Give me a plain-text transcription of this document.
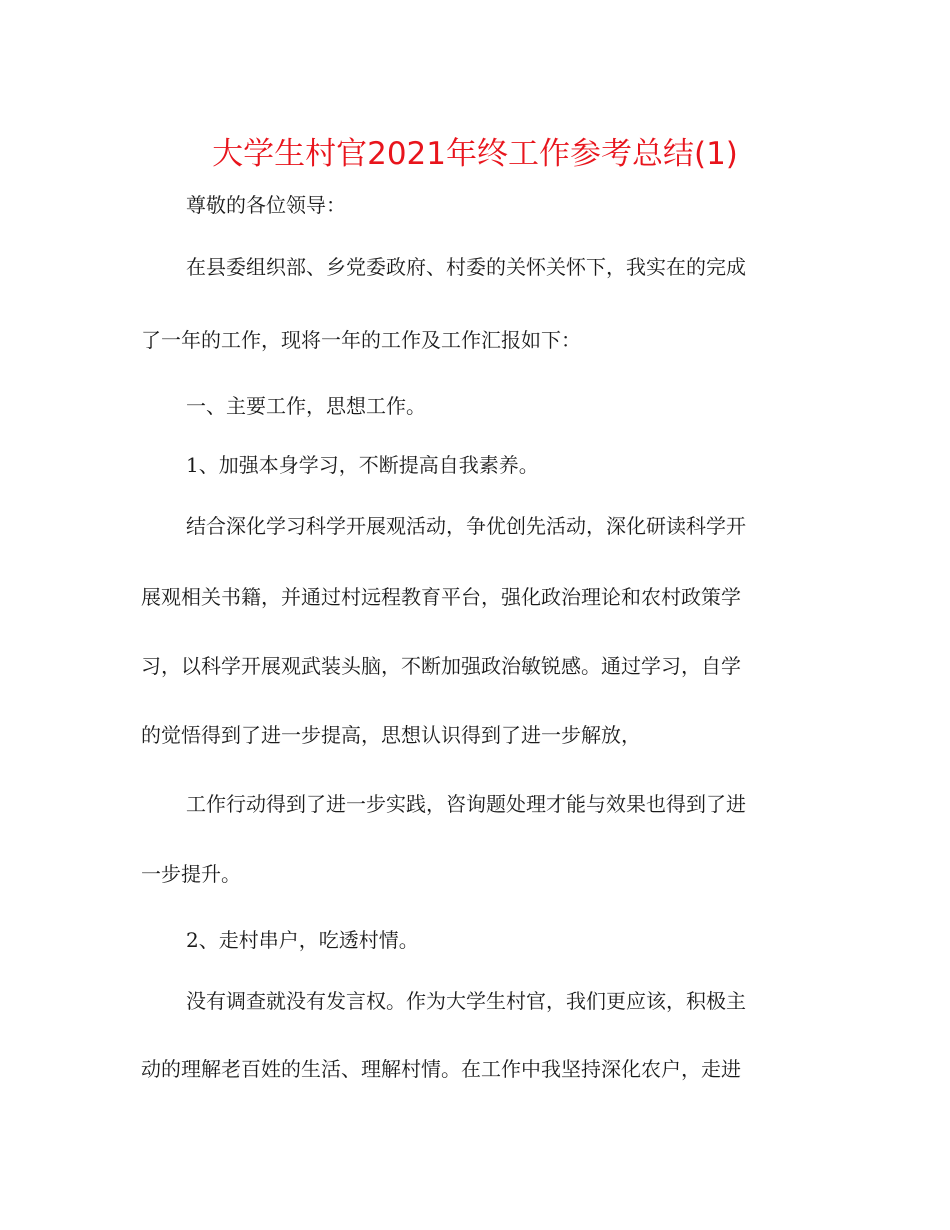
大学生村官2021年终工作参考总结(1)
尊敬的各位领导：
在县委组织部、乡党委政府、村委的关怀关怀下，我实在的完成
了一年的工作，现将一年的工作及工作汇报如下：
一、主要工作，思想工作。
1、加强本身学习，不断提高自我素养。
结合深化学习科学开展观活动，争优创先活动，深化研读科学开
展观相关书籍，并通过村远程教育平台，强化政治理论和农村政策学
习，以科学开展观武装头脑，不断加强政治敏锐感。通过学习，自学
的觉悟得到了进一步提高，思想认识得到了进一步解放，
工作行动得到了进一步实践，咨询题处理才能与效果也得到了进
一步提升。
2、走村串户，吃透村情。
没有调查就没有发言权。作为大学生村官，我们更应该，积极主
动的理解老百姓的生活、理解村情。在工作中我坚持深化农户，走进
